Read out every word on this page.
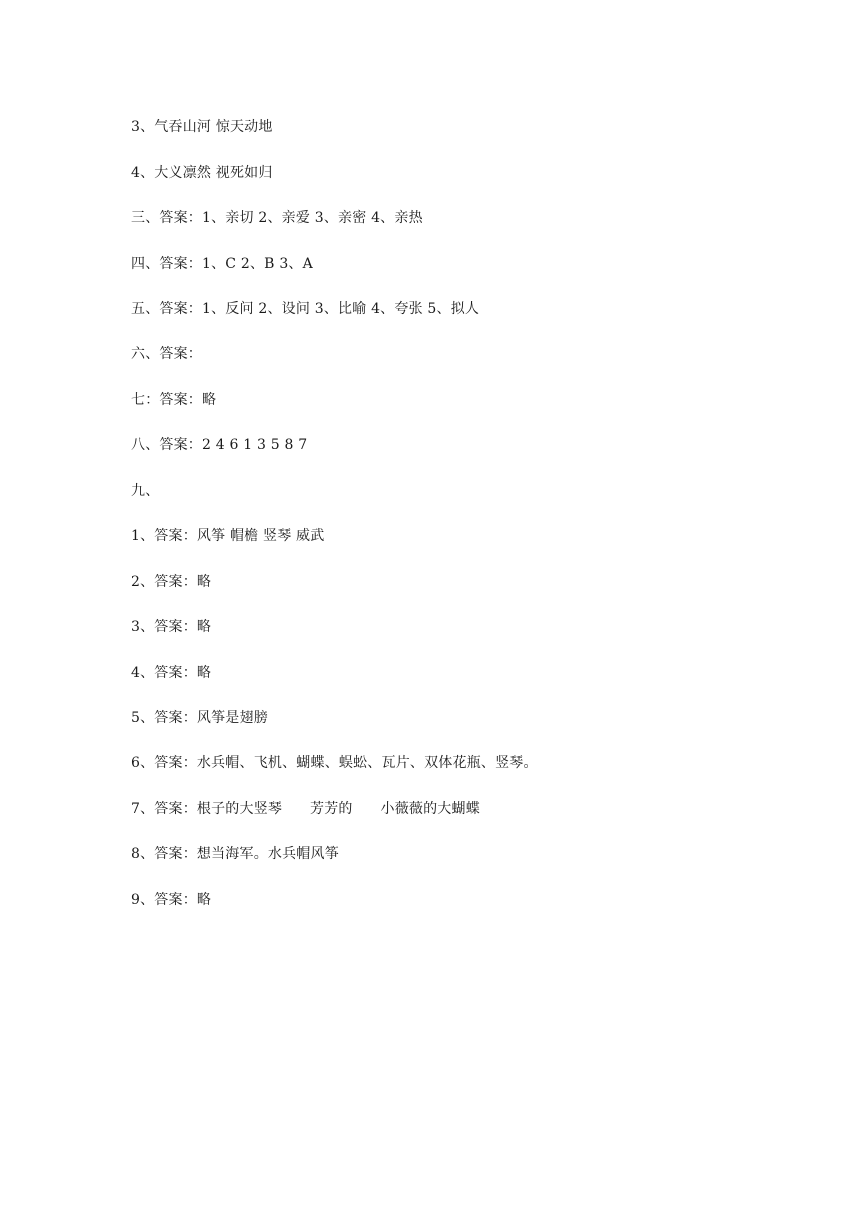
3、气吞山河 惊天动地
4、大义凛然 视死如归
三、答案：1、亲切 2、亲爱 3、亲密 4、亲热
四、答案：1、C 2、B 3、A
五、答案：1、反问 2、设问 3、比喻 4、夸张 5、拟人
六、答案：
七：答案：略
八、答案：2 4 6 1 3 5 8 7
九、
1、答案：风筝 帽檐 竖琴 威武
2、答案：略
3、答案：略
4、答案：略
5、答案：风筝是翅膀
6、答案：水兵帽、飞机、蝴蝶、蜈蚣、瓦片、双体花瓶、竖琴。
7、答案：根子的大竖琴      芳芳的      小薇薇的大蝴蝶
8、答案：想当海军。水兵帽风筝
9、答案：略
